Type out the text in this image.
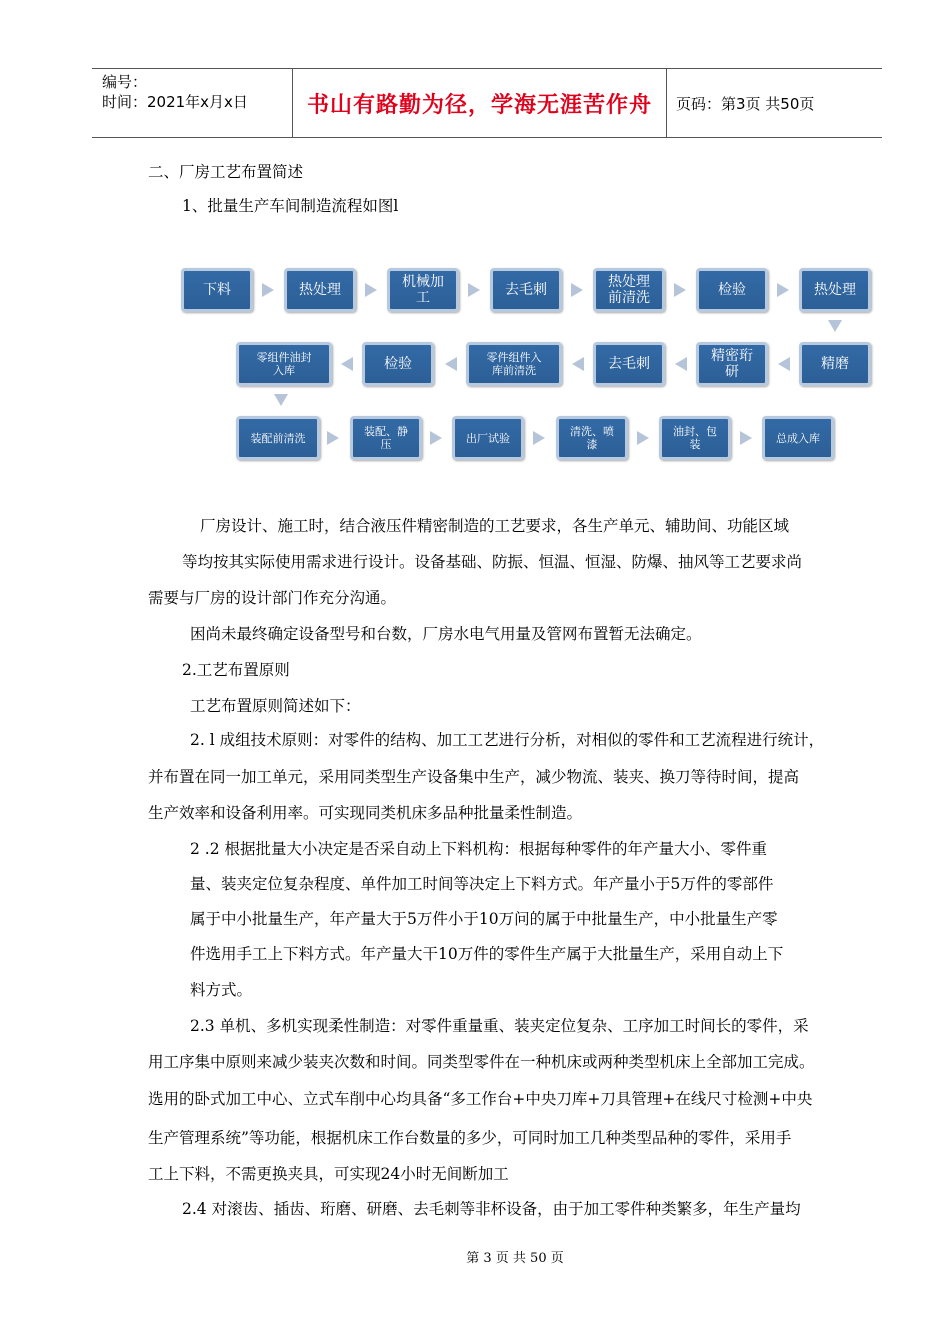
编号：
时间：2021年x月x日	书山有路勤为径，学海无涯苦作舟	页码：第3页 共50页
二、厂房工艺布置简述
1、批量生产车间制造流程如图l
下料	热处理	机械加
工	去毛刺	热处理
前清洗	检验	热处理
精磨
精密珩
研
去毛刺
零件组件入
库前清洗
检验
零组件油封
入库
装配前清洗	装配、静
压	出厂试验	清洗、喷
漆
油封、包
装	总成入库
厂房设计、施工时，结合液压件精密制造的工艺要求，各生产单元、辅助间、功能区域
等均按其实际使用需求进行设计。设备基础、防振、恒温、恒湿、防爆、抽风等工艺要求尚
需要与厂房的设计部门作充分沟通。
困尚未最终确定设备型号和台数，厂房水电气用量及管网布置暂无法确定。
2.工艺布置原则
工艺布置原则简述如下：
2. l 成组技术原则：对零件的结构、加工工艺进行分析，对相似的零件和工艺流程进行统计，
并布置在同一加工单元，采用同类型生产设备集中生产，减少物流、装夹、换刀等待时间，提高
生产效率和设备利用率。可实现同类机床多品种批量柔性制造。
2 .2 根据批量大小决定是否采自动上下料机构：根据每种零件的年产量大小、零件重
量、装夹定位复杂程度、单件加工时间等决定上下料方式。年产量小于5万件的零部件
属于中小批量生产，年产量大于5万件小于10万问的属于中批量生产，中小批量生产零
件选用手工上下料方式。年产量大干10万件的零件生产属于大批量生产，采用自动上下
料方式。
2.3 单机、多机实现柔性制造：对零件重量重、装夹定位复杂、工序加工时间长的零件，采
用工序集中原则来减少装夹次数和时间。同类型零件在一种机床或两种类型机床上全部加工完成。
选用的卧式加工中心、立式车削中心均具备“多工作台+中央刀库+刀具管理+在线尺寸检测+中央
生产管理系统”等功能，根据机床工作台数量的多少，可同时加工几种类型品种的零件，采用手
工上下料，不需更换夹具，可实现24小时无间断加工
2.4 对滚齿、插齿、珩磨、研磨、去毛刺等非杯设备，由于加工零件种类繁多，年生产量均
第 3 页 共 50 页
